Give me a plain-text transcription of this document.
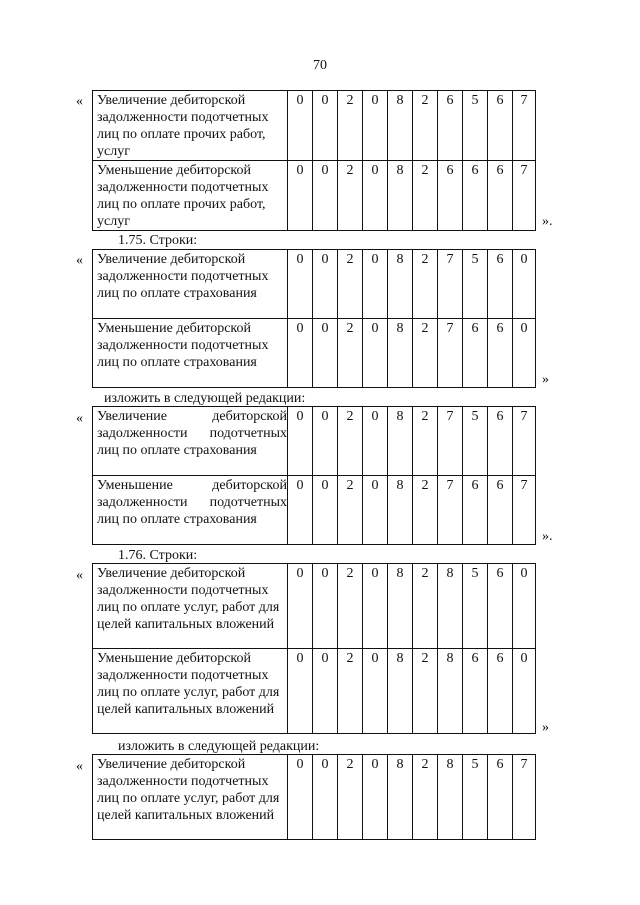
70
« Увеличение дебиторской задолженности подотчетных лиц по оплате прочих работ, услуг	0	0	2	0	8	2	6	5	6	7
Уменьшение дебиторской задолженности подотчетных лиц по оплате прочих работ, услуг	0	0	2	0	8	2	6	6	6	7
».
1.75. Строки:
« Увеличение дебиторской задолженности подотчетных лиц по оплате страхования	0	0	2	0	8	2	7	5	6	0
Уменьшение дебиторской задолженности подотчетных лиц по оплате страхования	0	0	2	0	8	2	7	6	6	0
»
изложить в следующей редакции:
« Увеличение дебиторской задолженности подотчетных лиц по оплате страхования	0	0	2	0	8	2	7	5	6	7
Уменьшение дебиторской задолженности подотчетных лиц по оплате страхования	0	0	2	0	8	2	7	6	6	7
».
1.76. Строки:
« Увеличение дебиторской задолженности подотчетных лиц по оплате услуг, работ для целей капитальных вложений	0	0	2	0	8	2	8	5	6	0
Уменьшение дебиторской задолженности подотчетных лиц по оплате услуг, работ для целей капитальных вложений	0	0	2	0	8	2	8	6	6	0
»
изложить в следующей редакции:
« Увеличение дебиторской задолженности подотчетных лиц по оплате услуг, работ для целей капитальных вложений	0	0	2	0	8	2	8	5	6	7
